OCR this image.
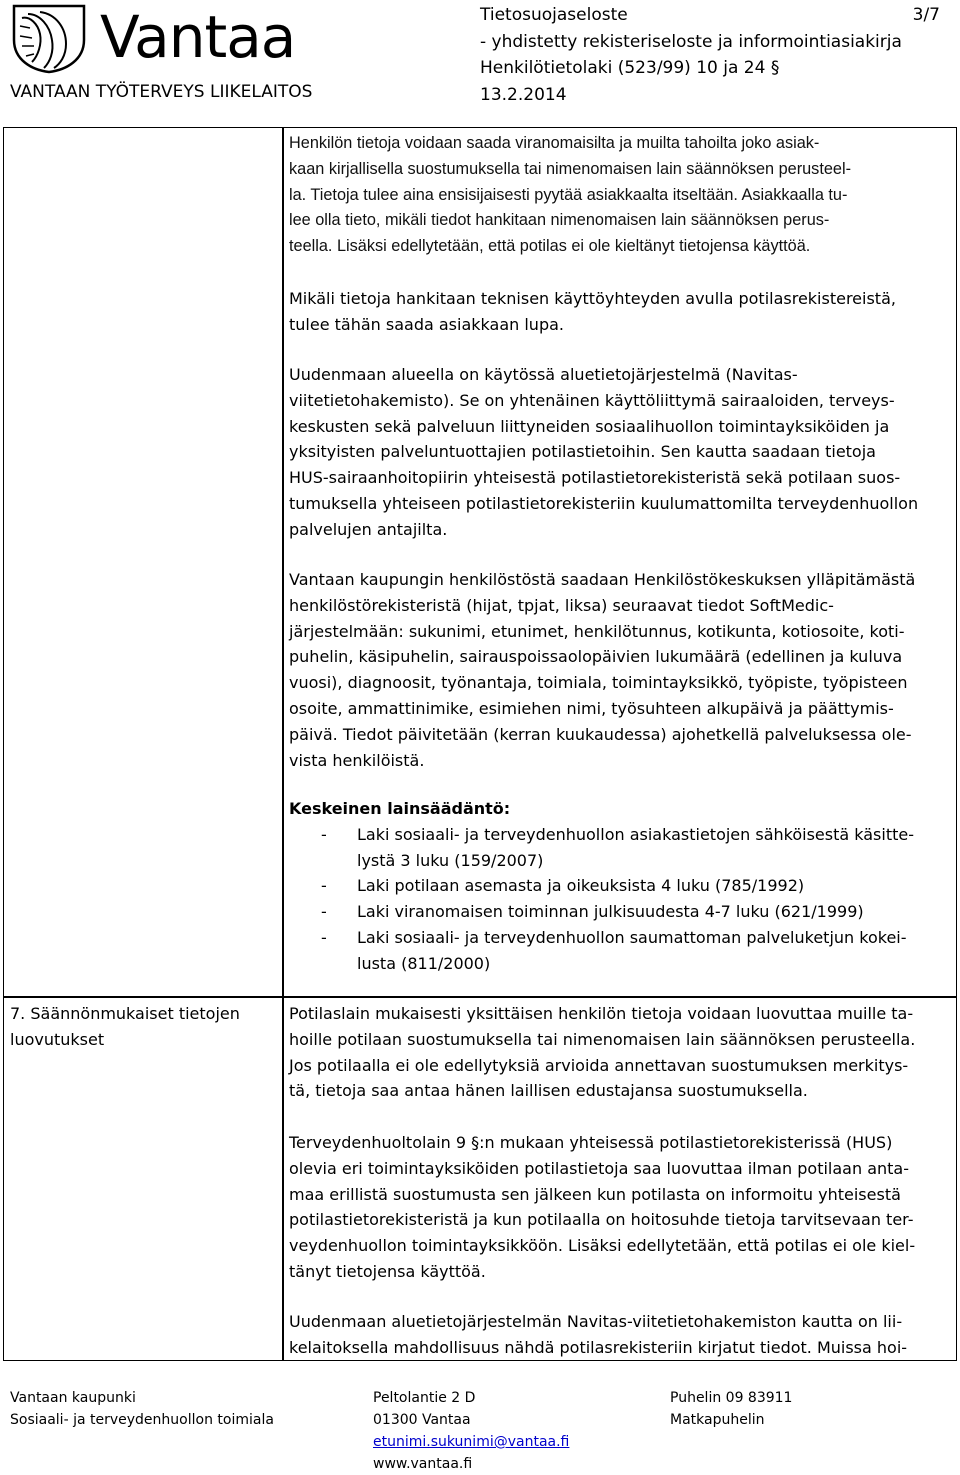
Vantaa
VANTAAN TYÖTERVEYS LIIKELAITOS
Tietosuojaseloste
- yhdistetty rekisteriseloste ja informointiasiakirja
Henkilötietolaki (523/99) 10 ja 24 §
13.2.2014
3/7

Henkilön tietoja voidaan saada viranomaisilta ja muilta tahoilta joko asiak-

kaan kirjallisella suostumuksella tai nimenomaisen lain säännöksen perusteel-

la. Tietoja tulee aina ensisijaisesti pyytää asiakkaalta itseltään. Asiakkaalla tu-

lee olla tieto, mikäli tiedot hankitaan nimenomaisen lain säännöksen perus-

teella. Lisäksi edellytetään, että potilas ei ole kieltänyt tietojensa käyttöä.

Mikäli tietoja hankitaan teknisen käyttöyhteyden avulla potilasrekistereistä,

tulee tähän saada asiakkaan lupa.

Uudenmaan alueella on käytössä aluetietojärjestelmä (Navitas-

viitetietohakemisto). Se on yhtenäinen käyttöliittymä sairaaloiden, terveys-

keskusten sekä palveluun liittyneiden sosiaalihuollon toimintayksiköiden ja

yksityisten palveluntuottajien potilastietoihin. Sen kautta saadaan tietoja

HUS-sairaanhoitopiirin yhteisestä potilastietorekisteristä sekä potilaan suos-

tumuksella yhteiseen potilastietorekisteriin kuulumattomilta terveydenhuollon

palvelujen antajilta.

Vantaan kaupungin henkilöstöstä saadaan Henkilöstökeskuksen ylläpitämästä

henkilöstörekisteristä (hijat, tpjat, liksa) seuraavat tiedot SoftMedic-

järjestelmään: sukunimi, etunimet, henkilötunnus, kotikunta, kotiosoite, koti-

puhelin, käsipuhelin, sairauspoissaolopäivien lukumäärä (edellinen ja kuluva

vuosi), diagnoosit, työnantaja, toimiala, toimintayksikkö, työpiste, työpisteen

osoite, ammattinimike, esimiehen nimi, työsuhteen alkupäivä ja päättymis-

päivä. Tiedot päivitetään (kerran kuukaudessa) ajohetkellä palveluksessa ole-

vista henkilöistä.

Keskeinen lainsäädäntö:

- Laki sosiaali- ja terveydenhuollon asiakastietojen sähköisestä käsitte-

lystä 3 luku (159/2007)

- Laki potilaan asemasta ja oikeuksista 4 luku (785/1992)

- Laki viranomaisen toiminnan julkisuudesta 4-7 luku (621/1999)

- Laki sosiaali- ja terveydenhuollon saumattoman palveluketjun kokei-

lusta (811/2000)

7. Säännönmukaiset tietojen
luovutukset

Potilaslain mukaisesti yksittäisen henkilön tietoja voidaan luovuttaa muille ta-

hoille potilaan suostumuksella tai nimenomaisen lain säännöksen perusteella.

Jos potilaalla ei ole edellytyksiä arvioida annettavan suostumuksen merkitys-

tä, tietoja saa antaa hänen laillisen edustajansa suostumuksella.

Terveydenhuoltolain 9 §:n mukaan yhteisessä potilastietorekisterissä (HUS)

olevia eri toimintayksiköiden potilastietoja saa luovuttaa ilman potilaan anta-

maa erillistä suostumusta sen jälkeen kun potilasta on informoitu yhteisestä

potilastietorekisteristä ja kun potilaalla on hoitosuhde tietoja tarvitsevaan ter-

veydenhuollon toimintayksikköön. Lisäksi edellytetään, että potilas ei ole kiel-

tänyt tietojensa käyttöä.

Uudenmaan aluetietojärjestelmän Navitas-viitetietohakemiston kautta on lii-

kelaitoksella mahdollisuus nähdä potilasrekisteriin kirjatut tiedot. Muissa hoi-

Vantaan kaupunki
Sosiaali- ja terveydenhuollon toimiala
Peltolantie 2 D
01300 Vantaa
etunimi.sukunimi@vantaa.fi
www.vantaa.fi
Puhelin 09 83911
Matkapuhelin
